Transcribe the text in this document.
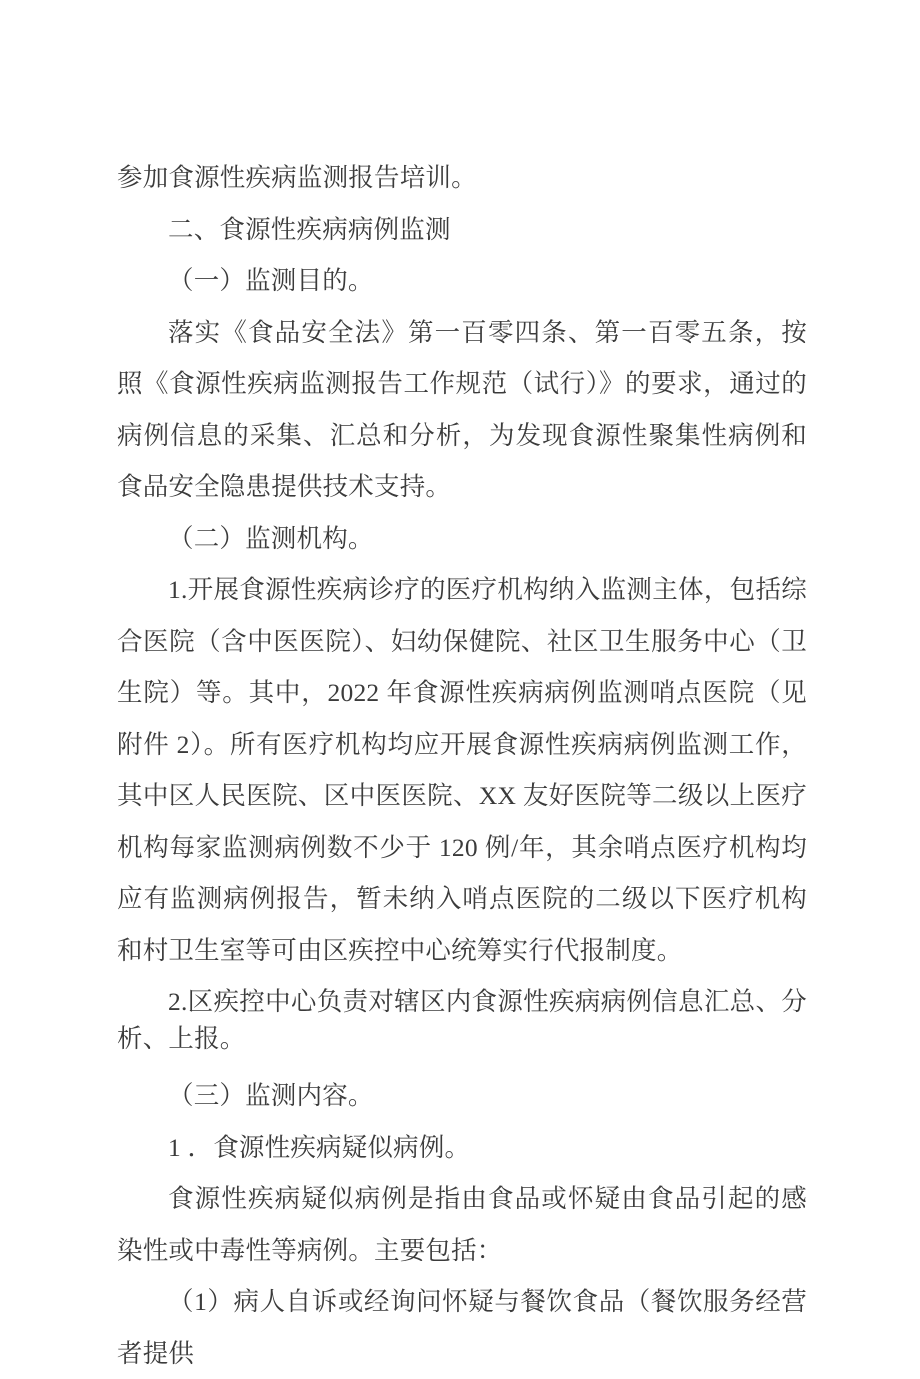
参加食源性疾病监测报告培训。

二、食源性疾病病例监测

（一）监测目的。

落实《食品安全法》第一百零四条、第一百零五条，按照《食源性疾病监测报告工作规范（试行）》的要求，通过的病例信息的采集、汇总和分析，为发现食源性聚集性病例和食品安全隐患提供技术支持。

（二）监测机构。

1.开展食源性疾病诊疗的医疗机构纳入监测主体，包括综合医院（含中医医院）、妇幼保健院、社区卫生服务中心（卫生院）等。其中，2022 年食源性疾病病例监测哨点医院（见附件 2）。所有医疗机构均应开展食源性疾病病例监测工作，其中区人民医院、区中医医院、XX 友好医院等二级以上医疗机构每家监测病例数不少于 120 例/年，其余哨点医疗机构均应有监测病例报告，暂未纳入哨点医院的二级以下医疗机构和村卫生室等可由区疾控中心统筹实行代报制度。

2.区疾控中心负责对辖区内食源性疾病病例信息汇总、分析、上报。

（三）监测内容。

1 ．食源性疾病疑似病例。

食源性疾病疑似病例是指由食品或怀疑由食品引起的感染性或中毒性等病例。主要包括：

（1）病人自诉或经询问怀疑与餐饮食品（餐饮服务经营者提供
